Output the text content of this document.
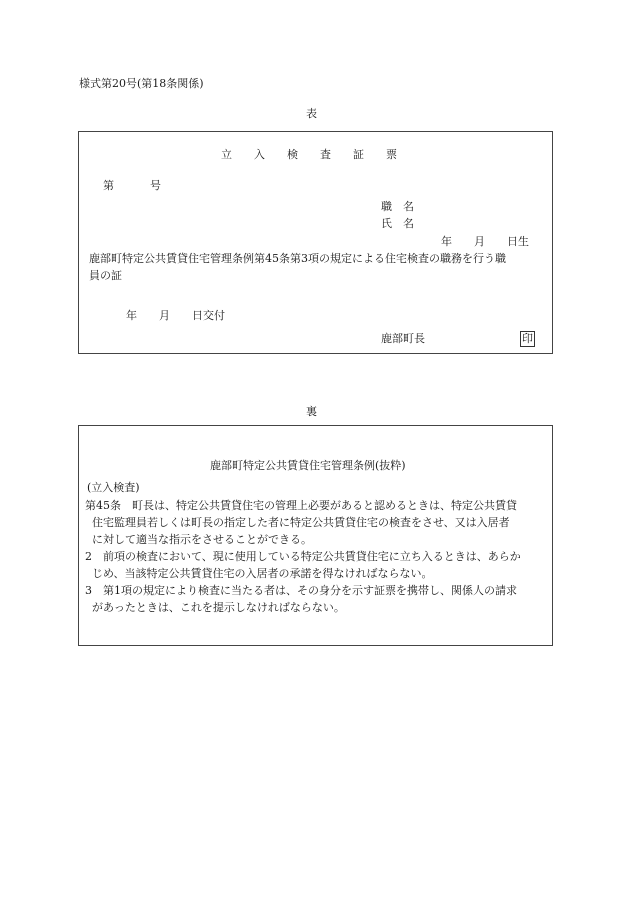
様式第20号(第18条関係)
表
立入検査証票
第	号
職　名
氏　名
年　　月　　日生
鹿部町特定公共賃貸住宅管理条例第45条第3項の規定による住宅検査の職務を行う職
員の証
年　　月　　日交付
鹿部町長	印
裏
鹿部町特定公共賃貸住宅管理条例(抜粋)
(立入検査)
第45条　町長は、特定公共賃貸住宅の管理上必要があると認めるときは、特定公共賃貸
住宅監理員若しくは町長の指定した者に特定公共賃貸住宅の検査をさせ、又は入居者
に対して適当な指示をさせることができる。
2　前項の検査において、現に使用している特定公共賃貸住宅に立ち入るときは、あらか
じめ、当該特定公共賃貸住宅の入居者の承諾を得なければならない。
3　第1項の規定により検査に当たる者は、その身分を示す証票を携帯し、関係人の請求
があったときは、これを提示しなければならない。
